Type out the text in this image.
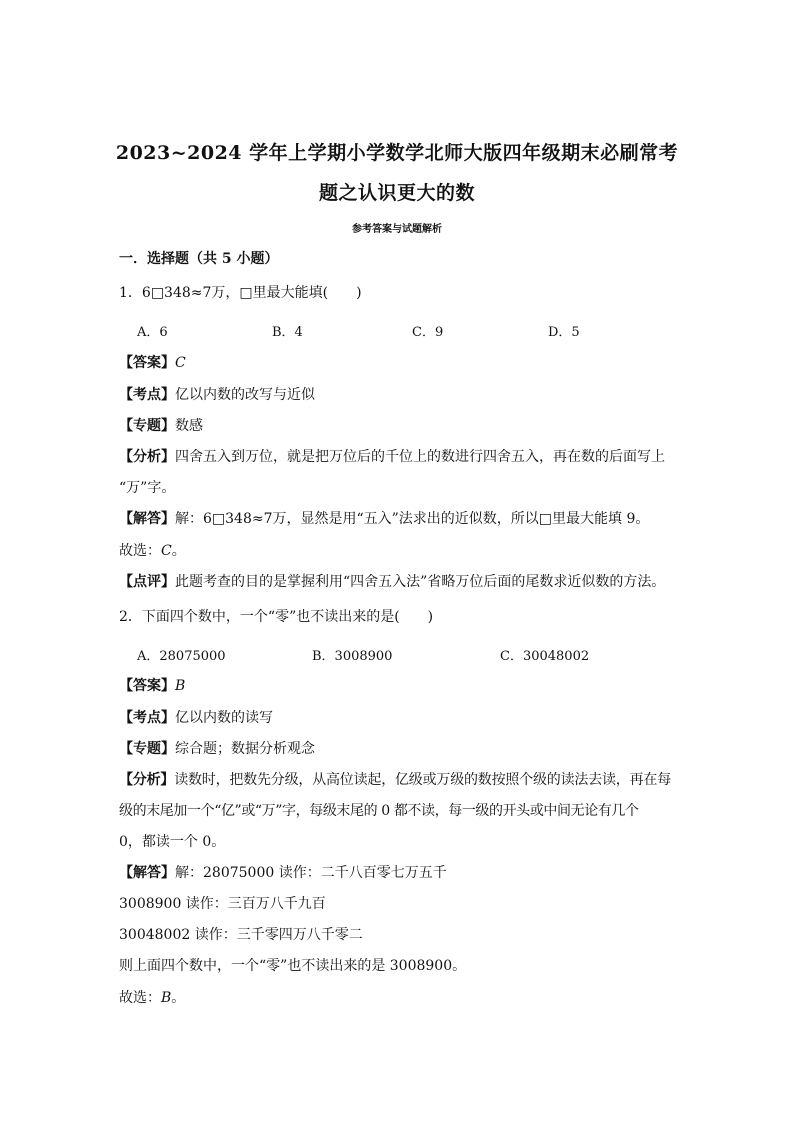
2023~2024 学年上学期小学数学北师大版四年级期末必刷常考
题之认识更大的数
参考答案与试题解析
一．选择题（共 5 小题）
1．6□348≈7万，□里最大能填(　　)
A．6	B．4	C．9	D．5
【答案】C
【考点】亿以内数的改写与近似
【专题】数感
【分析】四舍五入到万位，就是把万位后的千位上的数进行四舍五入，再在数的后面写上
“万”字。
【解答】解：6□348≈7万，显然是用“五入”法求出的近似数，所以□里最大能填 9。
故选：C。
【点评】此题考查的目的是掌握利用“四舍五入法”省略万位后面的尾数求近似数的方法。
2．下面四个数中，一个“零”也不读出来的是(　　)
A．28075000	B．3008900	C．30048002
【答案】B
【考点】亿以内数的读写
【专题】综合题；数据分析观念
【分析】读数时，把数先分级，从高位读起，亿级或万级的数按照个级的读法去读，再在每
级的末尾加一个“亿”或“万”字，每级末尾的 0 都不读，每一级的开头或中间无论有几个
0，都读一个 0。
【解答】解：28075000 读作：二千八百零七万五千
3008900 读作：三百万八千九百
30048002 读作：三千零四万八千零二
则上面四个数中，一个“零”也不读出来的是 3008900。
故选：B。
